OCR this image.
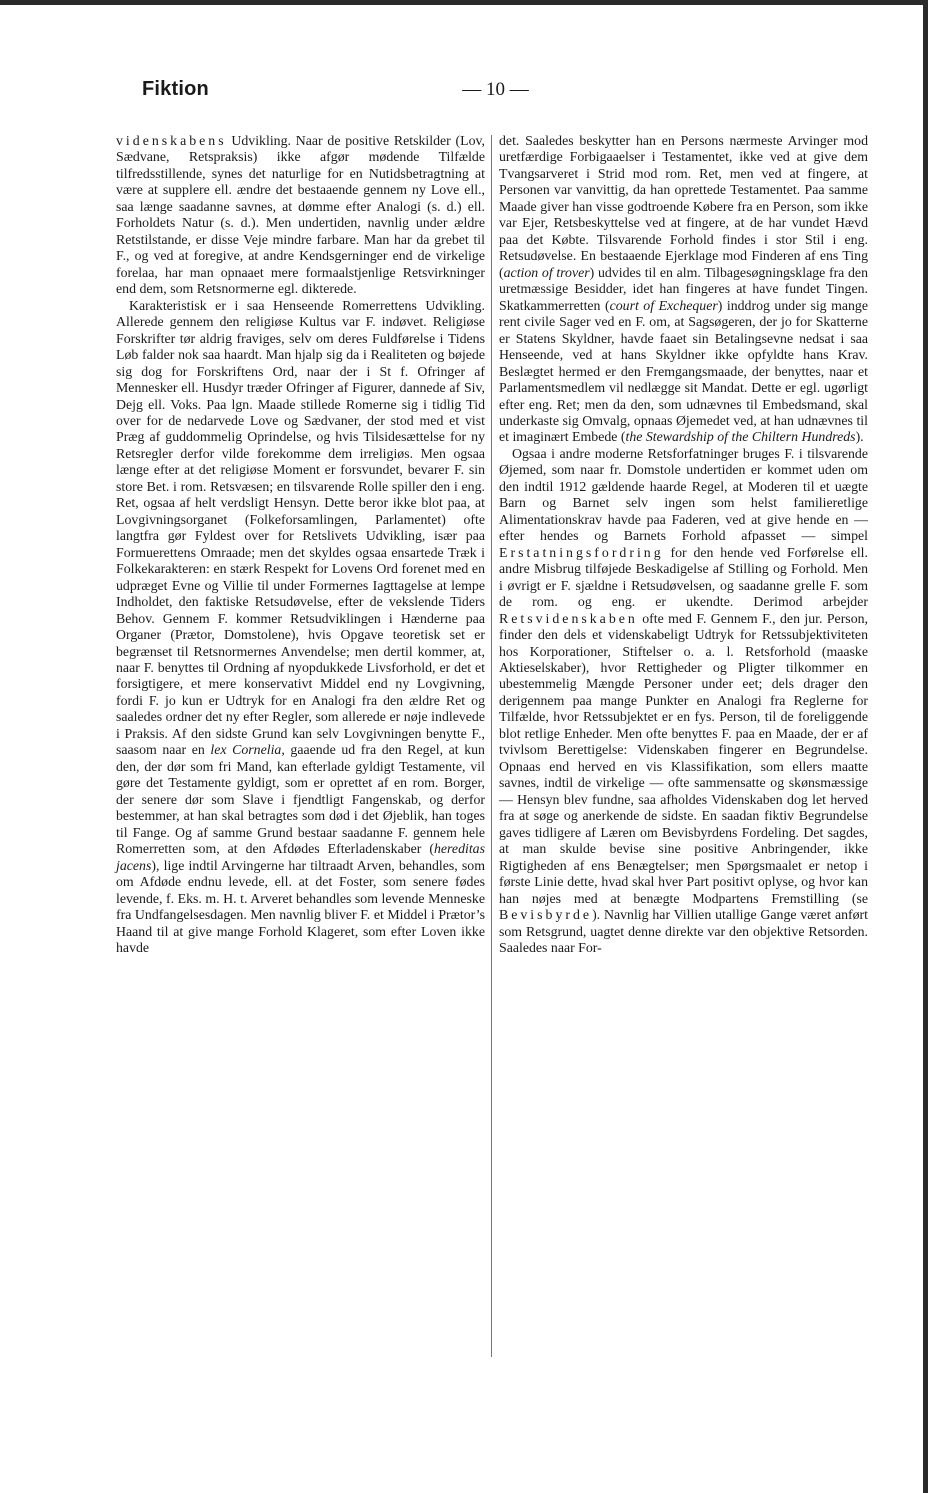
Fiktion	— 10 —

videnskabens Udvikling. Naar de positive Retskilder (Lov, Sædvane, Retspraksis) ikke afgør mødende Tilfælde tilfredsstillende, synes det naturlige for en Nutidsbetragtning at være at supplere ell. ændre det bestaaende gennem ny Love ell., saa længe saadanne savnes, at dømme efter Analogi (s. d.) ell. Forholdets Natur (s. d.). Men undertiden, navnlig under ældre Retstilstande, er disse Veje mindre farbare. Man har da grebet til F., og ved at foregive, at andre Kendsgerninger end de virkelige forelaa, har man opnaaet mere formaalstjenlige Retsvirkninger end dem, som Retsnormerne egl. dikterede.

Karakteristisk er i saa Henseende Romerrettens Udvikling. Allerede gennem den religiøse Kultus var F. indøvet. Religiøse Forskrifter tør aldrig fraviges, selv om deres Fuldførelse i Tidens Løb falder nok saa haardt. Man hjalp sig da i Realiteten og bøjede sig dog for Forskriftens Ord, naar der i St f. Ofringer af Mennesker ell. Husdyr træder Ofringer af Figurer, dannede af Siv, Dejg ell. Voks. Paa lgn. Maade stillede Romerne sig i tidlig Tid over for de nedarvede Love og Sædvaner, der stod med et vist Præg af guddommelig Oprindelse, og hvis Tilsidesættelse for ny Retsregler derfor vilde forekomme dem irreligiøs. Men ogsaa længe efter at det religiøse Moment er forsvundet, bevarer F. sin store Bet. i rom. Retsvæsen; en tilsvarende Rolle spiller den i eng. Ret, ogsaa af helt verdsligt Hensyn. Dette beror ikke blot paa, at Lovgivningsorganet (Folkeforsamlingen, Parlamentet) ofte langtfra gør Fyldest over for Retslivets Udvikling, især paa Formuerettens Omraade; men det skyldes ogsaa ensartede Træk i Folkekarakteren: en stærk Respekt for Lovens Ord forenet med en udpræget Evne og Villie til under Formernes Iagttagelse at lempe Indholdet, den faktiske Retsudøvelse, efter de vekslende Tiders Behov. Gennem F. kommer Retsudviklingen i Hænderne paa Organer (Prætor, Domstolene), hvis Opgave teoretisk set er begrænset til Retsnormernes Anvendelse; men dertil kommer, at, naar F. benyttes til Ordning af nyopdukkede Livsforhold, er det et forsigtigere, et mere konservativt Middel end ny Lovgivning, fordi F. jo kun er Udtryk for en Analogi fra den ældre Ret og saaledes ordner det ny efter Regler, som allerede er nøje indlevede i Praksis. Af den sidste Grund kan selv Lovgivningen benytte F., saasom naar en lex Cornelia, gaaende ud fra den Regel, at kun den, der dør som fri Mand, kan efterlade gyldigt Testamente, vil gøre det Testamente gyldigt, som er oprettet af en rom. Borger, der senere dør som Slave i fjendtligt Fangenskab, og derfor bestemmer, at han skal betragtes som død i det Øjeblik, han toges til Fange. Og af samme Grund bestaar saadanne F. gennem hele Romerretten som, at den Afdødes Efterladenskaber (hereditas jacens), lige indtil Arvingerne har tiltraadt Arven, behandles, som om Afdøde endnu levede, ell. at det Foster, som senere fødes levende, f. Eks. m. H. t. Arveret behandles som levende Menneske fra Undfangelsesdagen. Men navnlig bliver F. et Middel i Prætor’s Haand til at give mange Forhold Klageret, som efter Loven ikke havde

det. Saaledes beskytter han en Persons nærmeste Arvinger mod uretfærdige Forbigaaelser i Testamentet, ikke ved at give dem Tvangsarveret i Strid mod rom. Ret, men ved at fingere, at Personen var vanvittig, da han oprettede Testamentet. Paa samme Maade giver han visse godtroende Købere fra en Person, som ikke var Ejer, Retsbeskyttelse ved at fingere, at de har vundet Hævd paa det Købte. Tilsvarende Forhold findes i stor Stil i eng. Retsudøvelse. En bestaaende Ejerklage mod Finderen af ens Ting (action of trover) udvides til en alm. Tilbagesøgningsklage fra den uretmæssige Besidder, idet han fingeres at have fundet Tingen. Skatkammerretten (court of Exchequer) inddrog under sig mange rent civile Sager ved en F. om, at Sagsøgeren, der jo for Skatterne er Statens Skyldner, havde faaet sin Betalingsevne nedsat i saa Henseende, ved at hans Skyldner ikke opfyldte hans Krav. Beslægtet hermed er den Fremgangsmaade, der benyttes, naar et Parlamentsmedlem vil nedlægge sit Mandat. Dette er egl. ugørligt efter eng. Ret; men da den, som udnævnes til Embedsmand, skal underkaste sig Omvalg, opnaas Øjemedet ved, at han udnævnes til et imaginært Embede (the Stewardship of the Chiltern Hundreds).

Ogsaa i andre moderne Retsforfatninger bruges F. i tilsvarende Øjemed, som naar fr. Domstole undertiden er kommet uden om den indtil 1912 gældende haarde Regel, at Moderen til et uægte Barn og Barnet selv ingen som helst familieretlige Alimentationskrav havde paa Faderen, ved at give hende en — efter hendes og Barnets Forhold afpasset — simpel Erstatningsfordring for den hende ved Forførelse ell. andre Misbrug tilføjede Beskadigelse af Stilling og Forhold. Men i øvrigt er F. sjældne i Retsudøvelsen, og saadanne grelle F. som de rom. og eng. er ukendte. Derimod arbejder Retsvidenskaben ofte med F. Gennem F., den jur. Person, finder den dels et videnskabeligt Udtryk for Retssubjektiviteten hos Korporationer, Stiftelser o. a. l. Retsforhold (maaske Aktieselskaber), hvor Rettigheder og Pligter tilkommer en ubestemmelig Mængde Personer under eet; dels drager den derigennem paa mange Punkter en Analogi fra Reglerne for Tilfælde, hvor Retssubjektet er en fys. Person, til de foreliggende blot retlige Enheder. Men ofte benyttes F. paa en Maade, der er af tvivlsom Berettigelse: Videnskaben fingerer en Begrundelse. Opnaas end herved en vis Klassifikation, som ellers maatte savnes, indtil de virkelige — ofte sammensatte og skønsmæssige — Hensyn blev fundne, saa afholdes Videnskaben dog let herved fra at søge og anerkende de sidste. En saadan fiktiv Begrundelse gaves tidligere af Læren om Bevisbyrdens Fordeling. Det sagdes, at man skulde bevise sine positive Anbringender, ikke Rigtigheden af ens Benægtelser; men Spørgsmaalet er netop i første Linie dette, hvad skal hver Part positivt oplyse, og hvor kan han nøjes med at benægte Modpartens Fremstilling (se Bevisbyrde). Navnlig har Villien utallige Gange været anført som Retsgrund, uagtet denne direkte var den objektive Retsorden. Saaledes naar For-
